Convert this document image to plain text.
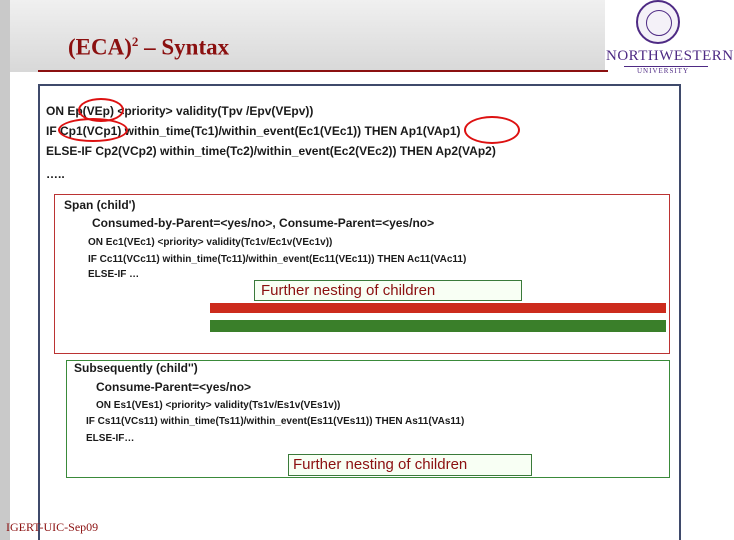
(ECA)$^2$ – Syntax	NORTHWESTERN
UNIVERSITY
ON Ep(VEp) <priority> validity(Tpv /Epv(VEpv))
IF Cp1(VCp1) within_time(Tc1)/within_event(Ec1(VEc1)) THEN Ap1(VAp1)
ELSE-IF Cp2(VCp2) within_time(Tc2)/within_event(Ec2(VEc2)) THEN Ap2(VAp2)
…..
Span (child')
Consumed-by-Parent=<yes/no>, Consume-Parent=<yes/no>
ON Ec1(VEc1) <priority> validity(Tc1v/Ec1v(VEc1v))
IF Cc11(VCc11) within_time(Tc11)/within_event(Ec11(VEc11)) THEN Ac11(VAc11)
ELSE-IF …
Further nesting of children
Subsequently (child'')
Consume-Parent=<yes/no>
ON Es1(VEs1) <priority> validity(Ts1v/Es1v(VEs1v))
IF Cs11(VCs11) within_time(Ts11)/within_event(Es11(VEs11)) THEN As11(VAs11)
ELSE-IF…
Further nesting of children
IGERT-UIC-Sep09
